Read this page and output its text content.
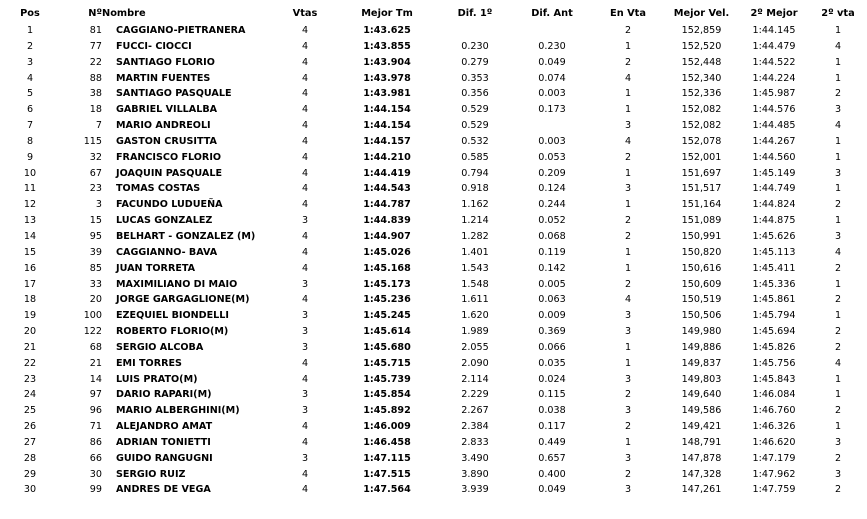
Pos	Nº	Nombre	Vtas	Mejor Tm	Dif. 1º	Dif. Ant	En Vta	Mejor Vel.	2º Mejor	2º vta
1	81	CAGGIANO-PIETRANERA	4	1:43.625			2	152,859	1:44.145	1
2	77	FUCCI- CIOCCI	4	1:43.855	0.230	0.230	1	152,520	1:44.479	4
3	22	SANTIAGO FLORIO	4	1:43.904	0.279	0.049	2	152,448	1:44.522	1
4	88	MARTIN FUENTES	4	1:43.978	0.353	0.074	4	152,340	1:44.224	1
5	38	SANTIAGO PASQUALE	4	1:43.981	0.356	0.003	1	152,336	1:45.987	2
6	18	GABRIEL VILLALBA	4	1:44.154	0.529	0.173	1	152,082	1:44.576	3
7	7	MARIO ANDREOLI	4	1:44.154	0.529		3	152,082	1:44.485	4
8	115	GASTON CRUSITTA	4	1:44.157	0.532	0.003	4	152,078	1:44.267	1
9	32	FRANCISCO FLORIO	4	1:44.210	0.585	0.053	2	152,001	1:44.560	1
10	67	JOAQUIN PASQUALE	4	1:44.419	0.794	0.209	1	151,697	1:45.149	3
11	23	TOMAS COSTAS	4	1:44.543	0.918	0.124	3	151,517	1:44.749	1
12	3	FACUNDO LUDUEÑA	4	1:44.787	1.162	0.244	1	151,164	1:44.824	2
13	15	LUCAS GONZALEZ	3	1:44.839	1.214	0.052	2	151,089	1:44.875	1
14	95	BELHART - GONZALEZ (M)	4	1:44.907	1.282	0.068	2	150,991	1:45.626	3
15	39	CAGGIANNO- BAVA	4	1:45.026	1.401	0.119	1	150,820	1:45.113	4
16	85	JUAN TORRETA	4	1:45.168	1.543	0.142	1	150,616	1:45.411	2
17	33	MAXIMILIANO DI MAIO	3	1:45.173	1.548	0.005	2	150,609	1:45.336	1
18	20	JORGE GARGAGLIONE(M)	4	1:45.236	1.611	0.063	4	150,519	1:45.861	2
19	100	EZEQUIEL BIONDELLI	3	1:45.245	1.620	0.009	3	150,506	1:45.794	1
20	122	ROBERTO FLORIO(M)	3	1:45.614	1.989	0.369	3	149,980	1:45.694	2
21	68	SERGIO ALCOBA	3	1:45.680	2.055	0.066	1	149,886	1:45.826	2
22	21	EMI TORRES	4	1:45.715	2.090	0.035	1	149,837	1:45.756	4
23	14	LUIS PRATO(M)	4	1:45.739	2.114	0.024	3	149,803	1:45.843	1
24	97	DARIO RAPARI(M)	3	1:45.854	2.229	0.115	2	149,640	1:46.084	1
25	96	MARIO ALBERGHINI(M)	3	1:45.892	2.267	0.038	3	149,586	1:46.760	2
26	71	ALEJANDRO AMAT	4	1:46.009	2.384	0.117	2	149,421	1:46.326	1
27	86	ADRIAN TONIETTI	4	1:46.458	2.833	0.449	1	148,791	1:46.620	3
28	66	GUIDO RANGUGNI	3	1:47.115	3.490	0.657	3	147,878	1:47.179	2
29	30	SERGIO RUIZ	4	1:47.515	3.890	0.400	2	147,328	1:47.962	3
30	99	ANDRES DE VEGA	4	1:47.564	3.939	0.049	3	147,261	1:47.759	2
